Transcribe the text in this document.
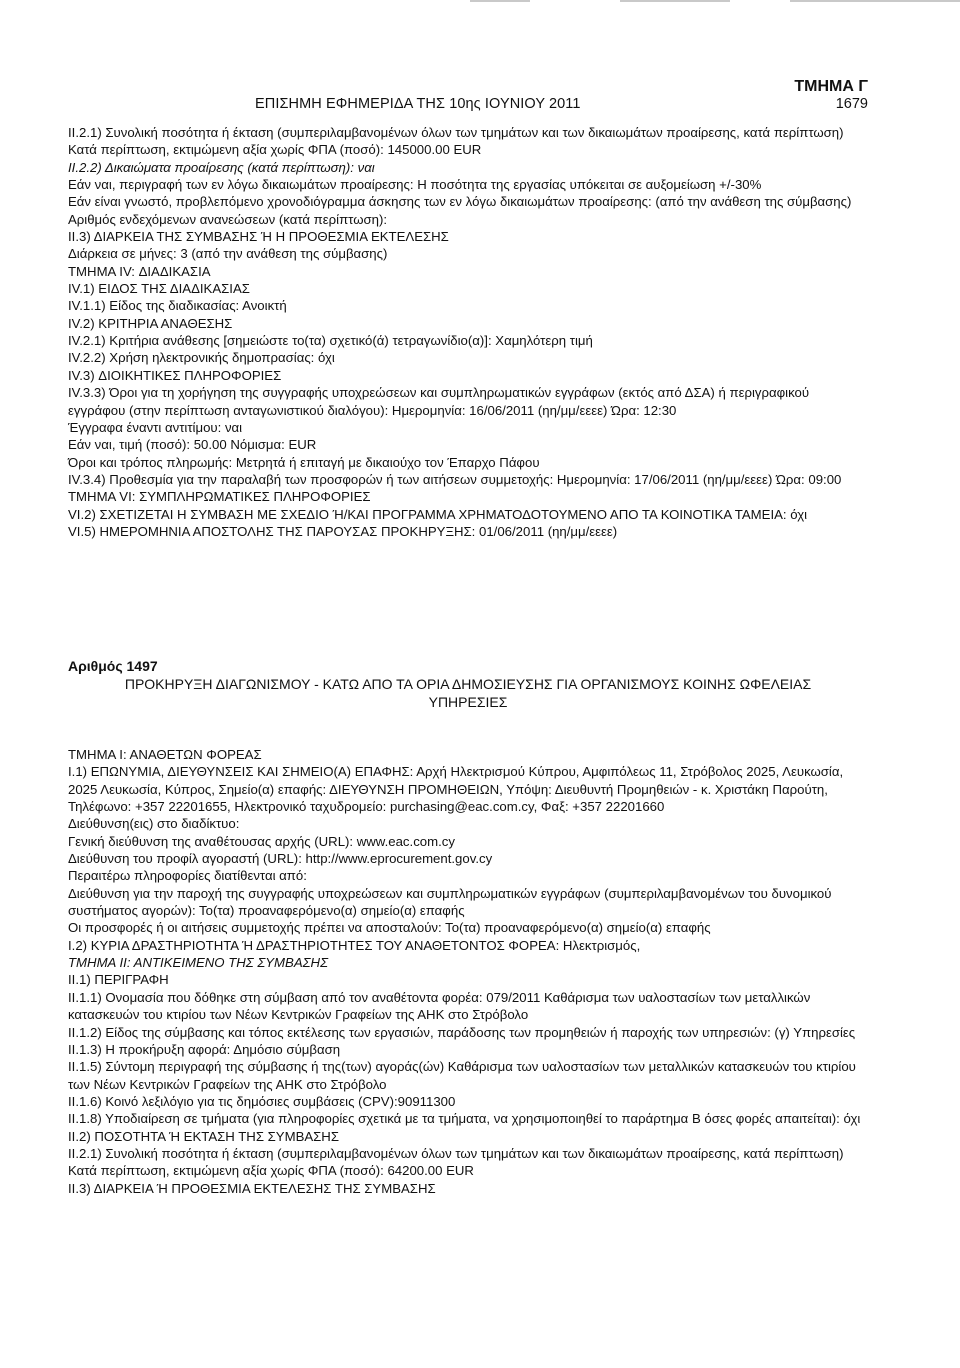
ΤΜΗΜΑ Γ
ΕΠΙΣΗΜΗ ΕΦΗΜΕΡΙΔΑ ΤΗΣ 10ης ΙΟΥΝΙΟΥ 2011	1679

ΙΙ.2.1) Συνολική ποσότητα ή έκταση (συμπεριλαμβανομένων όλων των τμημάτων και των δικαιωμάτων προαίρεσης, κατά περίπτωση)

Κατά περίπτωση, εκτιμώμενη αξία χωρίς ΦΠΑ (ποσό): 145000.00 EUR

ΙΙ.2.2) Δικαιώματα προαίρεσης (κατά περίπτωση): ναι

Εάν ναι, περιγραφή των εν λόγω δικαιωμάτων προαίρεσης: Η ποσότητα της εργασίας υπόκειται σε αυξομείωση +/-30%

Εάν είναι γνωστό, προβλεπόμενο χρονοδιόγραμμα άσκησης των εν λόγω δικαιωμάτων προαίρεσης: (από την ανάθεση της σύμβασης)

Αριθμός ενδεχόμενων ανανεώσεων (κατά περίπτωση):

ΙΙ.3) ΔΙΑΡΚΕΙΑ ΤΗΣ ΣΥΜΒΑΣΗΣ Ή Η ΠΡΟΘΕΣΜΙΑ ΕΚΤΕΛΕΣΗΣ

Διάρκεια σε μήνες: 3 (από την ανάθεση της σύμβασης)

ΤΜΗΜΑ IV: ΔΙΑΔΙΚΑΣΙΑ

IV.1) ΕΙΔΟΣ ΤΗΣ ΔΙΑΔΙΚΑΣΙΑΣ

IV.1.1) Είδος της διαδικασίας: Ανοικτή

IV.2) ΚΡΙΤΗΡΙΑ ΑΝΑΘΕΣΗΣ

IV.2.1) Κριτήρια ανάθεσης [σημειώστε το(τα) σχετικό(ά) τετραγωνίδιο(α)]: Χαμηλότερη τιμή

IV.2.2) Χρήση ηλεκτρονικής δημοπρασίας: όχι

IV.3) ΔΙΟΙΚΗΤΙΚΕΣ ΠΛΗΡΟΦΟΡΙΕΣ

IV.3.3) Όροι για τη χορήγηση της συγγραφής υποχρεώσεων και συμπληρωματικών εγγράφων (εκτός από ΔΣΑ) ή περιγραφικού εγγράφου (στην περίπτωση ανταγωνιστικού διαλόγου): Ημερομηνία: 16/06/2011 (ηη/μμ/εεεε) Ώρα: 12:30

Έγγραφα έναντι αντιτίμου: ναι

Εάν ναι, τιμή (ποσό): 50.00 Νόμισμα: EUR

Όροι και τρόπος πληρωμής: Μετρητά ή επιταγή με δικαιούχο τον Έπαρχο Πάφου

IV.3.4) Προθεσμία για την παραλαβή των προσφορών ή των αιτήσεων συμμετοχής: Ημερομηνία: 17/06/2011 (ηη/μμ/εεεε) Ώρα: 09:00

ΤΜΗΜΑ VI: ΣΥΜΠΛΗΡΩΜΑΤΙΚΕΣ ΠΛΗΡΟΦΟΡΙΕΣ

VI.2) ΣΧΕΤΙΖΕΤΑΙ Η ΣΥΜΒΑΣΗ ΜΕ ΣΧΕΔΙΟ Ή/ΚΑΙ ΠΡΟΓΡΑΜΜΑ ΧΡΗΜΑΤΟΔΟΤΟΥΜΕΝΟ ΑΠΟ ΤΑ ΚΟΙΝΟΤΙΚΑ ΤΑΜΕΙΑ: όχι

VI.5) ΗΜΕΡΟΜΗΝΙΑ ΑΠΟΣΤΟΛΗΣ ΤΗΣ ΠΑΡΟΥΣΑΣ ΠΡΟΚΗΡΥΞΗΣ: 01/06/2011 (ηη/μμ/εεεε)

Αριθμός 1497

ΠΡΟΚΗΡΥΞΗ ΔΙΑΓΩΝΙΣΜΟΥ - ΚΑΤΩ ΑΠΟ ΤΑ ΟΡΙΑ ΔΗΜΟΣΙΕΥΣΗΣ ΓΙΑ ΟΡΓΑΝΙΣΜΟΥΣ ΚΟΙΝΗΣ ΩΦΕΛΕΙΑΣ

ΥΠΗΡΕΣΙΕΣ

ΤΜΗΜΑ Ι: ΑΝΑΘΕΤΩΝ ΦΟΡΕΑΣ

Ι.1) ΕΠΩΝΥΜΙΑ, ΔΙΕΥΘΥΝΣΕΙΣ ΚΑΙ ΣΗΜΕΙΟ(Α) ΕΠΑΦΗΣ: Αρχή Ηλεκτρισμού Κύπρου, Αμφιπόλεως 11, Στρόβολος 2025, Λευκωσία, 2025 Λευκωσία, Κύπρος, Σημείο(α) επαφής: ΔΙΕΥΘΥΝΣΗ ΠΡΟΜΗΘΕΙΩΝ, Υπόψη: Διευθυντή Προμηθειών - κ. Χριστάκη Παρούτη, Τηλέφωνο: +357 22201655, Ηλεκτρονικό ταχυδρομείο: purchasing@eac.com.cy, Φαξ: +357 22201660

Διεύθυνση(εις) στο διαδίκτυο:

Γενική διεύθυνση της αναθέτουσας αρχής (URL): www.eac.com.cy

Διεύθυνση του προφίλ αγοραστή (URL): http://www.eprocurement.gov.cy

Περαιτέρω πληροφορίες διατίθενται από:

Διεύθυνση για την παροχή της συγγραφής υποχρεώσεων και συμπληρωματικών εγγράφων (συμπεριλαμβανομένων του δυνομικού συστήματος αγορών): Το(τα) προαναφερόμενο(α) σημείο(α) επαφής

Οι προσφορές ή οι αιτήσεις συμμετοχής πρέπει να αποσταλούν: Το(τα) προαναφερόμενο(α) σημείο(α) επαφής

Ι.2) ΚΥΡΙΑ ΔΡΑΣΤΗΡΙΟΤΗΤΑ Ή ΔΡΑΣΤΗΡΙΟΤΗΤΕΣ ΤΟΥ ΑΝΑΘΕΤΟΝΤΟΣ ΦΟΡΕΑ: Ηλεκτρισμός,

ΤΜΗΜΑ ΙΙ: ΑΝΤΙΚΕΙΜΕΝΟ ΤΗΣ ΣΥΜΒΑΣΗΣ

ΙΙ.1) ΠΕΡΙΓΡΑΦΗ

ΙΙ.1.1) Ονομασία που δόθηκε στη σύμβαση από τον αναθέτοντα φορέα: 079/2011 Καθάρισμα των υαλοστασίων των μεταλλικών κατασκευών του κτιρίου των Νέων Κεντρικών Γραφείων της ΑΗΚ στο Στρόβολο

ΙΙ.1.2) Είδος της σύμβασης και τόπος εκτέλεσης των εργασιών, παράδοσης των προμηθειών ή παροχής των υπηρεσιών: (γ) Υπηρεσίες

ΙΙ.1.3) Η προκήρυξη αφορά: Δημόσιο σύμβαση

ΙΙ.1.5) Σύντομη περιγραφή της σύμβασης ή της(των) αγοράς(ών) Καθάρισμα των υαλοστασίων των μεταλλικών κατασκευών του κτιρίου των Νέων Κεντρικών Γραφείων της ΑΗΚ στο Στρόβολο

ΙΙ.1.6) Κοινό λεξιλόγιο για τις δημόσιες συμβάσεις (CPV):90911300

ΙΙ.1.8) Υποδιαίρεση σε τμήματα (για πληροφορίες σχετικά με τα τμήματα, να χρησιμοποιηθεί το παράρτημα Β όσες φορές απαιτείται): όχι

ΙΙ.2) ΠΟΣΟΤΗΤΑ Ή ΕΚΤΑΣΗ ΤΗΣ ΣΥΜΒΑΣΗΣ

ΙΙ.2.1) Συνολική ποσότητα ή έκταση (συμπεριλαμβανομένων όλων των τμημάτων και των δικαιωμάτων προαίρεσης, κατά περίπτωση)

Κατά περίπτωση, εκτιμώμενη αξία χωρίς ΦΠΑ (ποσό): 64200.00 EUR

ΙΙ.3) ΔΙΑΡΚΕΙΑ Ή ΠΡΟΘΕΣΜΙΑ ΕΚΤΕΛΕΣΗΣ ΤΗΣ ΣΥΜΒΑΣΗΣ
